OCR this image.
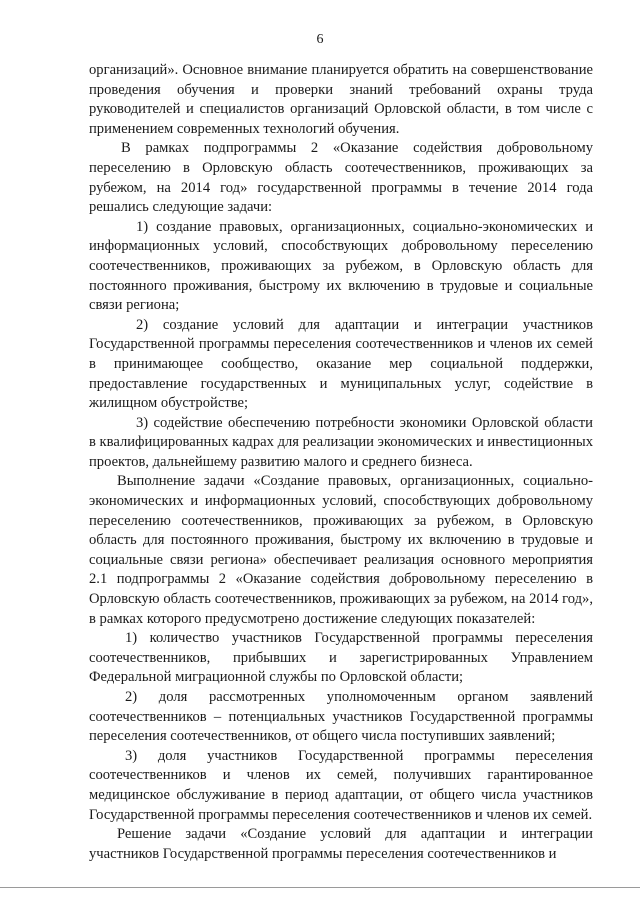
6

организаций». Основное внимание планируется обратить на совершенствование проведения обучения и проверки знаний требований охраны труда руководителей и специалистов организаций Орловской области, в том числе с применением современных технологий обучения.

В рамках подпрограммы 2 «Оказание содействия добровольному переселению в Орловскую область соотечественников, проживающих за рубежом, на 2014 год» государственной программы в течение 2014 года решались следующие задачи:

1) создание правовых, организационных, социально-экономических и информационных условий, способствующих добровольному переселению соотечественников, проживающих за рубежом, в Орловскую область для постоянного проживания, быстрому их включению в трудовые и социальные связи региона;

2) создание условий для адаптации и интеграции участников Государственной программы переселения соотечественников и членов их семей в принимающее сообщество, оказание мер социальной поддержки, предоставление государственных и муниципальных услуг, содействие в жилищном обустройстве;

3) содействие обеспечению потребности экономики Орловской области в квалифицированных кадрах для реализации экономических и инвестиционных проектов, дальнейшему развитию малого и среднего бизнеса.

Выполнение задачи «Создание правовых, организационных, социально-экономических и информационных условий, способствующих добровольному переселению соотечественников, проживающих за рубежом, в Орловскую область для постоянного проживания, быстрому их включению в трудовые и социальные связи региона» обеспечивает реализация основного мероприятия 2.1 подпрограммы 2 «Оказание содействия добровольному переселению в Орловскую область соотечественников, проживающих за рубежом, на 2014 год», в рамках которого предусмотрено достижение следующих показателей:

1) количество участников Государственной программы переселения соотечественников, прибывших и зарегистрированных Управлением Федеральной миграционной службы по Орловской области;

2) доля рассмотренных уполномоченным органом заявлений соотечественников – потенциальных участников Государственной программы переселения соотечественников, от общего числа поступивших заявлений;

3) доля участников Государственной программы переселения соотечественников и членов их семей, получивших гарантированное медицинское обслуживание в период адаптации, от общего числа участников Государственной программы переселения соотечественников и членов их семей.

Решение задачи «Создание условий для адаптации и интеграции участников Государственной программы переселения соотечественников и
